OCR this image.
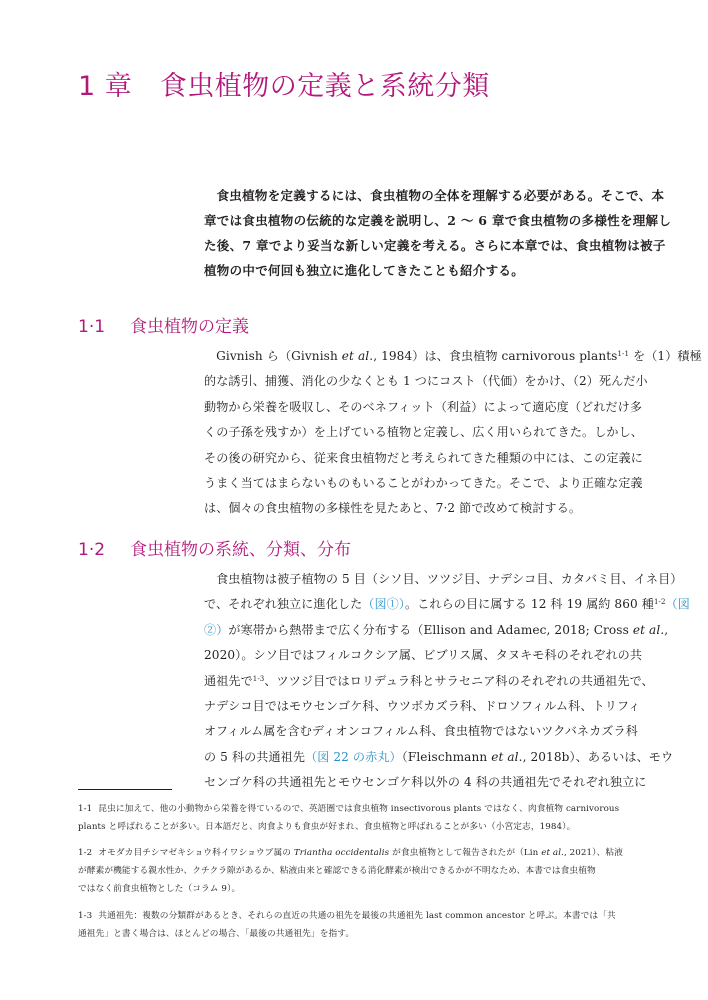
1 章　食虫植物の定義と系統分類
食虫植物を定義するには、食虫植物の全体を理解する必要がある。そこで、本
章では食虫植物の伝統的な定義を説明し、2 〜 6 章で食虫植物の多様性を理解し
た後、7 章でより妥当な新しい定義を考える。さらに本章では、食虫植物は被子
植物の中で何回も独立に進化してきたことも紹介する。
1·1 食虫植物の定義
Givnish ら（Givnish et al., 1984）は、食虫植物 carnivorous plants$^{1-1}$ を（1）積極
的な誘引、捕獲、消化の少なくとも 1 つにコスト（代価）をかけ、（2）死んだ小
動物から栄養を吸収し、そのベネフィット（利益）によって適応度（どれだけ多
くの子孫を残すか）を上げている植物と定義し、広く用いられてきた。しかし、
その後の研究から、従来食虫植物だと考えられてきた種類の中には、この定義に
うまく当てはまらないものもいることがわかってきた。そこで、より正確な定義
は、個々の食虫植物の多様性を見たあと、7·2 節で改めて検討する。
1·2 食虫植物の系統、分類、分布
食虫植物は被子植物の 5 目（シソ目、ツツジ目、ナデシコ目、カタバミ目、イネ目）
で、それぞれ独立に進化した（図①）。これらの目に属する 12 科 19 属約 860 種$^{1-2}$（図
②）が寒帯から熱帯まで広く分布する（Ellison and Adamec, 2018; Cross et al.,
2020）。シソ目ではフィルコクシア属、ビブリス属、タヌキモ科のそれぞれの共
通祖先で$^{1-3}$、ツツジ目ではロリデュラ科とサラセニア科のそれぞれの共通祖先で、
ナデシコ目ではモウセンゴケ科、ウツボカズラ科、ドロソフィルム科、トリフィ
オフィルム属を含むディオンコフィルム科、食虫植物ではないツクバネカズラ科
の 5 科の共通祖先（図 22 の赤丸）（Fleischmann et al., 2018b）、あるいは、モウ
センゴケ科の共通祖先とモウセンゴケ科以外の 4 科の共通祖先でそれぞれ独立に
1-1 昆虫に加えて、他の小動物から栄養を得ているので、英語圏では食虫植物 insectivorous plants ではなく、肉食植物 carnivorous
plants と呼ばれることが多い。日本語だと、肉食よりも食虫が好まれ、食虫植物と呼ばれることが多い（小宮定志，1984）。
1-2 オモダカ目チシマゼキショウ科イワショウブ属の Triantha occidentalis が食虫植物として報告されたが（Lin et al., 2021）、粘液
が酵素が機能する親水性か、クチクラ隙があるか、粘液由来と確認できる消化酵素が検出できるかが不明なため、本書では食虫植物
ではなく前食虫植物とした（コラム 9）。
1-3 共通祖先：複数の分類群があるとき、それらの直近の共通の祖先を最後の共通祖先 last common ancestor と呼ぶ。本書では「共
通祖先」と書く場合は、ほとんどの場合、「最後の共通祖先」を指す。
